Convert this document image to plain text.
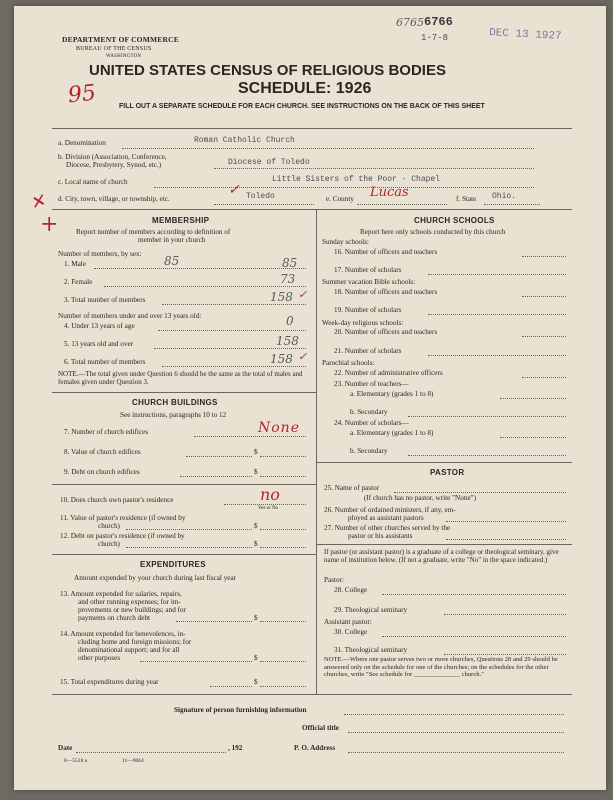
DEPARTMENT OF COMMERCE
BUREAU OF THE CENSUS
WASHINGTON
6765 6766
1-7-8	DEC 13 1927
UNITED STATES CENSUS OF RELIGIOUS BODIES
SCHEDULE: 1926
95	FILL OUT A SEPARATE SCHEDULE FOR EACH CHURCH. SEE INSTRUCTIONS ON THE BACK OF THIS SHEET
a. Denomination	Roman Catholic Church
b. Division (Association, Conference,
Diocese, Presbytery, Synod, etc.)	Diocese of Toledo
c. Local name of church	Little Sisters of the Poor - Chapel
d. City, town, village, or township, etc.	Toledo
✓
e. County Lucas	f. State Ohio.
✕
+	MEMBERSHIP
Report number of members according to definition of
member in your church
Number of members, by sex:
1. Male	85	85
2. Female	73
3. Total number of members	158 ✓
Number of members under and over 13 years old:
4. Under 13 years of age	0
5. 13 years old and over	158
6. Total number of members	158 ✓
NOTE.—The total given under Question 6 should be the same as the total of males and females given under Question 3.
CHURCH BUILDINGS
See instructions, paragraphs 10 to 12
7. Number of church edifices	None
8. Value of church edifices	$
9. Debt on church edifices	$
10. Does church own pastor's residence	no
Yes or No
11. Value of pastor's residence (if owned by
church)	$
12. Debt on pastor's residence (if owned by
church)	$
EXPENDITURES
Amount expended by your church during last fiscal year
13. Amount expended for salaries, repairs,
and other running expenses; for im-
provements or new buildings; and for
payments on church debt	$
14. Amount expended for benevolences, in-
cluding home and foreign missions; for
denominational support; and for all
other purposes	$
15. Total expenditures during year	$
CHURCH SCHOOLS
Report here only schools conducted by this church
Sunday schools:
16. Number of officers and teachers
17. Number of scholars
Summer vacation Bible schools:
18. Number of officers and teachers
19. Number of scholars
Week-day religious schools:
20. Number of officers and teachers
21. Number of scholars
Parochial schools:
22. Number of administrative officers
23. Number of teachers—
a. Elementary (grades 1 to 8)
b. Secondary
24. Number of scholars—
a. Elementary (grades 1 to 8)
b. Secondary
PASTOR
25. Name of pastor
(If church has no pastor, write "None")
26. Number of ordained ministers, if any, em-
ployed as assistant pastors
27. Number of other churches served by the
pastor or his assistants
If pastor (or assistant pastor) is a graduate of a college or theological seminary, give name of institution below. (If not a graduate, write "No" in the space indicated.)
Pastor:
28. College
29. Theological seminary
Assistant pastor:
30. College
31. Theological seminary
NOTE.—Where one pastor serves two or more churches, Questions 28 and 29 should be answered only on the schedule for one of the churches; on the schedules for the other churches, write "See schedule for ______________ church."
Signature of person furnishing information
Official title
Date	, 192	P. O. Address
8—5518 a	11—9064
